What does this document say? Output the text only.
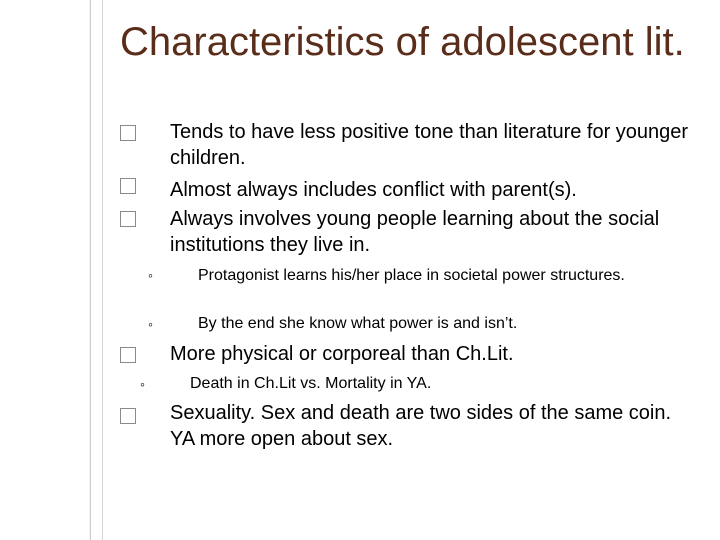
Characteristics of adolescent lit.
Tends to have less positive tone than literature for younger children.
Almost always includes conflict with parent(s).
Always involves young people learning about the social institutions they live in.
◦	Protagonist learns his/her place in societal power structures.
◦	By the end she know what power is and isn’t.
More physical or corporeal than Ch.Lit.
◦	Death in Ch.Lit vs. Mortality in YA.
Sexuality. Sex and death are two sides of the same coin. YA more open about sex.
